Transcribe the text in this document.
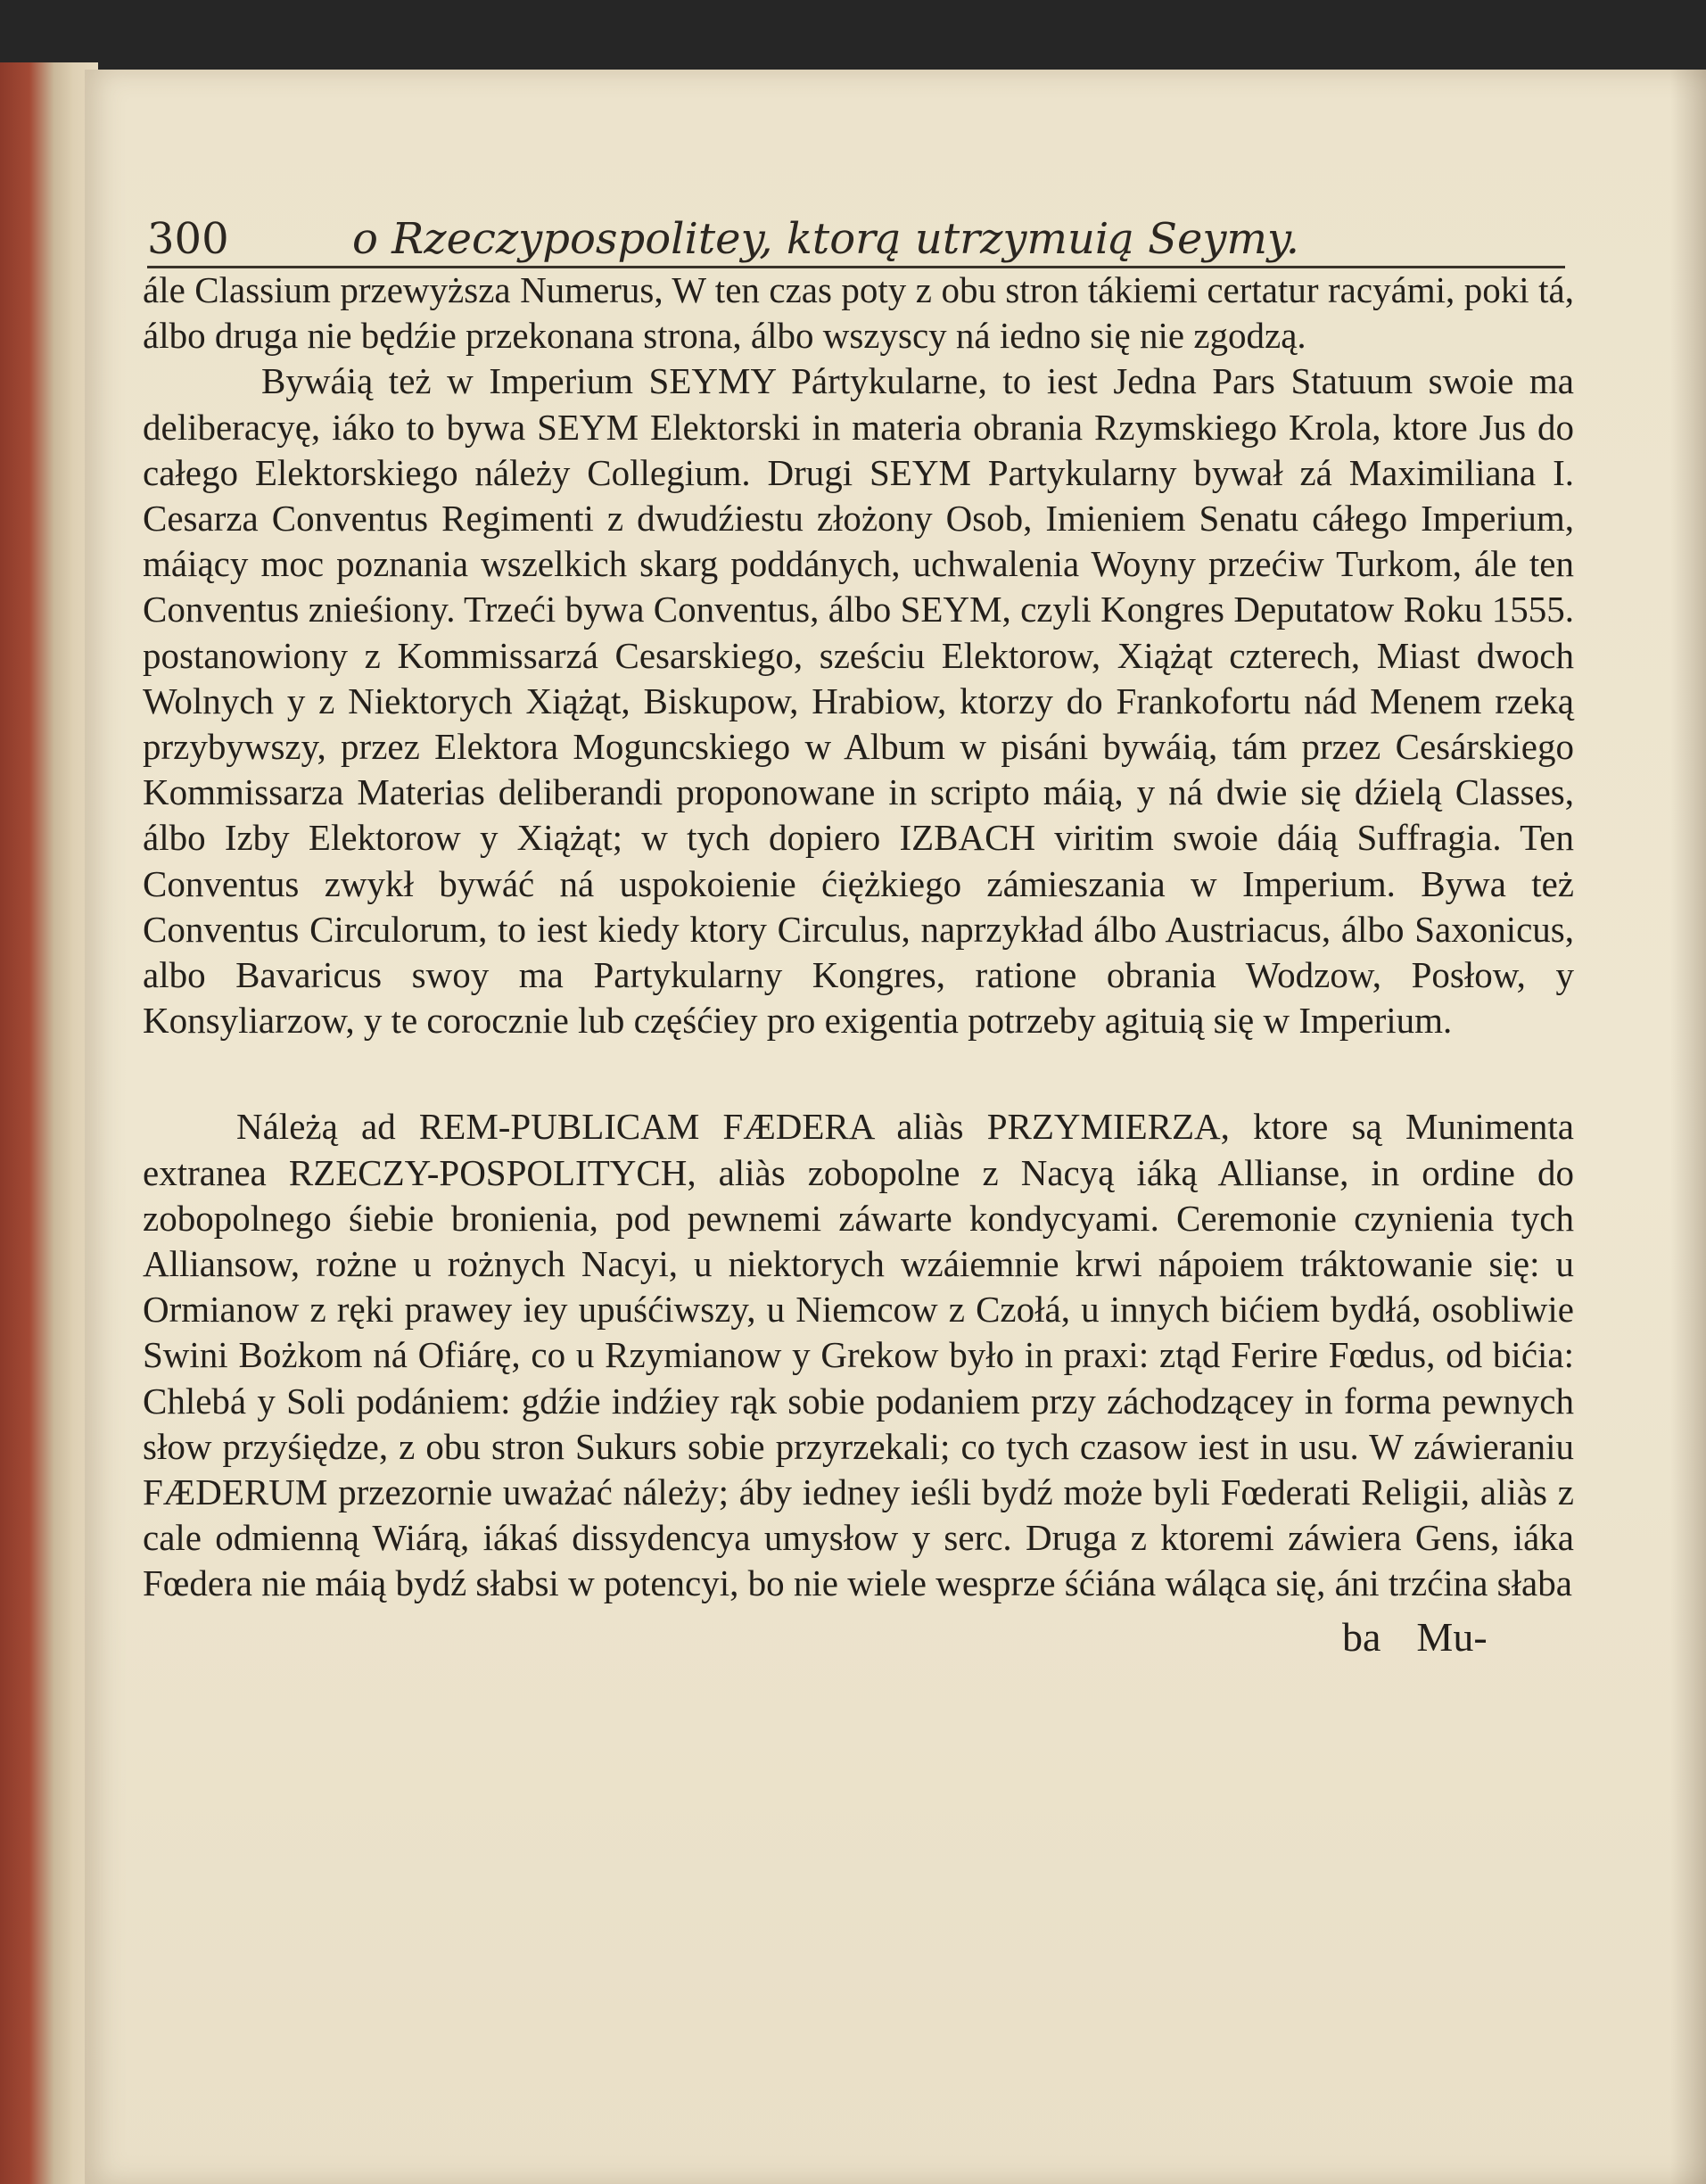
300	o Rzeczypospolitey, ktorą utrzymuią Seymy.

ále Classium przewyższa Numerus, W ten czas poty z obu stron tákiemi certatur racyámi, poki tá, álbo druga nie będźie przekonana strona, álbo wszyscy ná iedno się nie zgodzą.

Bywáią też w Imperium SEYMY Pártykularne, to iest Jedna Pars Statuum swoie ma deliberacyę, iáko to bywa SEYM Elektorski in materia obrania Rzymskiego Krola, ktore Jus do całego Elektorskiego náleży Collegium. Drugi SEYM Partykularny bywał zá Maximiliana I. Cesarza Conventus Regimenti z dwudźiestu złożony Osob, Imieniem Senatu cáłego Imperium, máiący moc poznania wszelkich skarg poddánych, uchwalenia Woyny przećiw Turkom, ále ten Conventus znieśiony. Trzeći bywa Conventus, álbo SEYM, czyli Kongres Deputatow Roku 1555. postanowiony z Kommissarzá Cesarskiego, sześciu Elektorow, Xiążąt czterech, Miast dwoch Wolnych y z Niektorych Xiążąt, Biskupow, Hrabiow, ktorzy do Frankofortu nád Menem rzeką przybywszy, przez Elektora Moguncskiego w Album w pisáni bywáią, tám przez Cesárskiego Kommissarza Materias deliberandi proponowane in scripto máią, y ná dwie się dźielą Classes, álbo Izby Elektorow y Xiążąt; w tych dopiero IZBACH viritim swoie dáią Suffragia. Ten Conventus zwykł bywáć ná uspokoienie ćiężkiego zámieszania w Imperium. Bywa też Conventus Circulorum, to iest kiedy ktory Circulus, naprzykład álbo Austriacus, álbo Saxonicus, albo Bavaricus swoy ma Partykularny Kongres, ratione obrania Wodzow, Posłow, y Konsyliarzow, y te corocznie lub częśćiey pro exigentia potrzeby agituią się w Imperium.

Náleżą ad REM-PUBLICAM FÆDERA aliàs PRZYMIERZA, ktore są Munimenta extranea RZECZY-POSPOLITYCH, aliàs zobopolne z Nacyą iáką Allianse, in ordine do zobopolnego śiebie bronienia, pod pewnemi záwarte kondycyami. Ceremonie czynienia tych Alliansow, rożne u rożnych Nacyi, u niektorych wzáiemnie krwi nápoiem tráktowanie się: u Ormianow z ręki prawey iey upuśćiwszy, u Niemcow z Czołá, u innych bićiem bydłá, osobliwie Swini Bożkom ná Ofiárę, co u Rzymianow y Grekow było in praxi: ztąd Ferire Fœdus, od bićia: Chlebá y Soli podániem: gdźie indźiey rąk sobie podaniem przy záchodzącey in forma pewnych słow przyśiędze, z obu stron Sukurs sobie przyrzekali; co tych czasow iest in usu. W záwieraniu FÆDERUM przezornie uważać náleży; áby iedney ieśli bydź może byli Fœderati Religii, aliàs z cale odmienną Wiárą, iákaś dissydencya umysłow y serc. Druga z ktoremi záwiera Gens, iáka Fœdera nie máią bydź słabsi w potencyi, bo nie wiele wesprze śćiána wáląca się, áni trzćina słaba

ba Mu-
